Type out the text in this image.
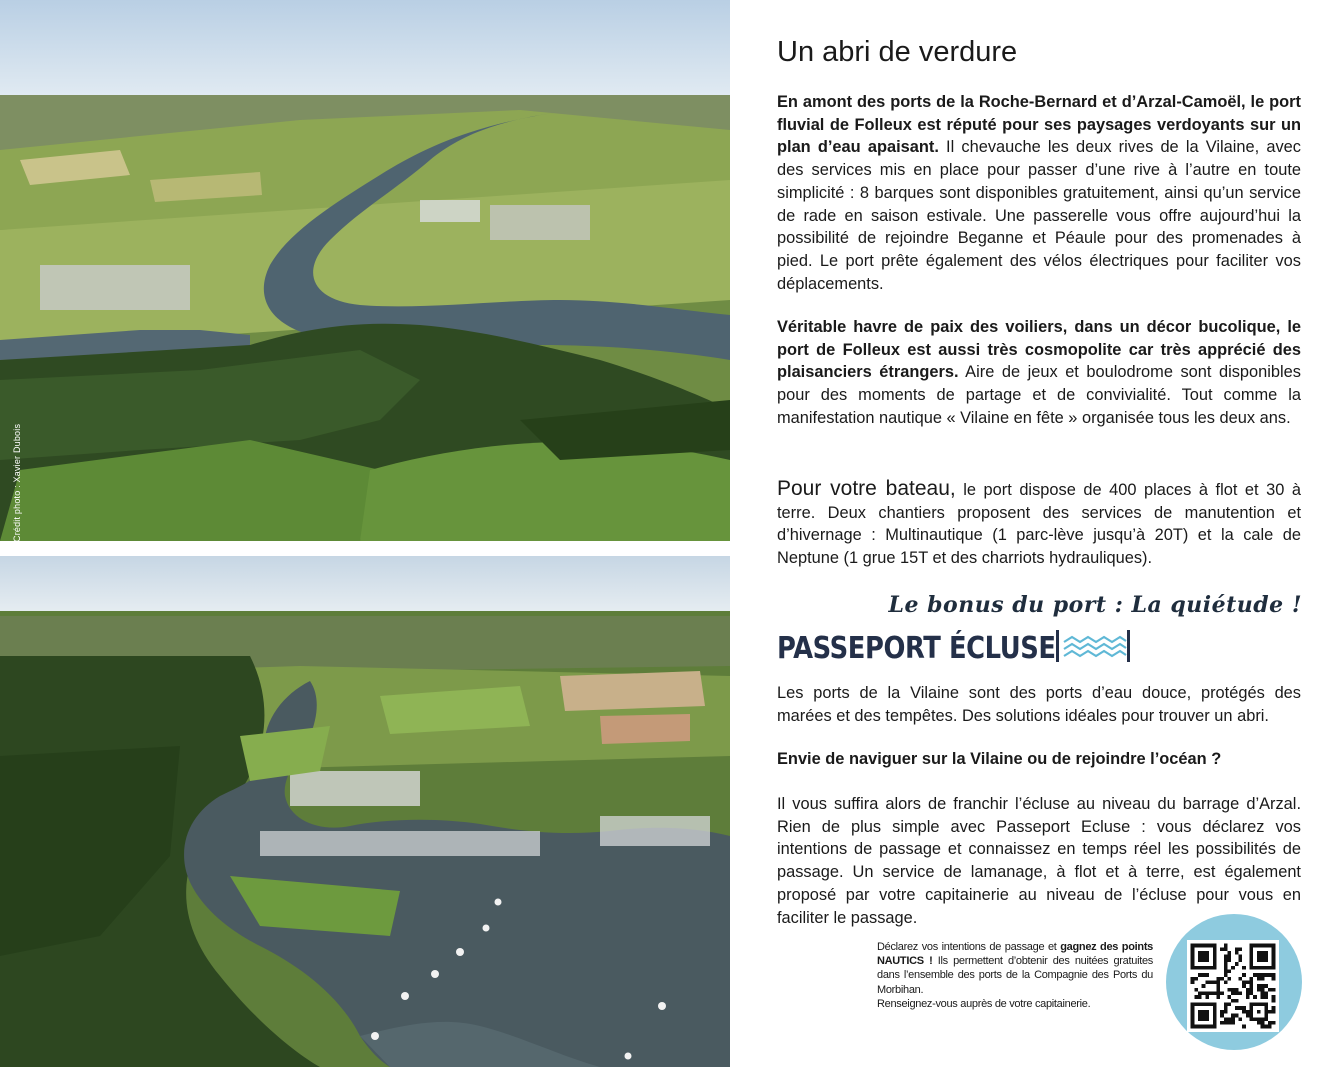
Crédit photo : Xavier Dubois
Un abri de verdure

En amont des ports de la Roche-Bernard et d’Arzal-Camoël, le port fluvial de Folleux est réputé pour ses paysages verdoyants sur un plan d’eau apaisant. Il chevauche les deux rives de la Vilaine, avec des services mis en place pour passer d’une rive à l’autre en toute simplicité : 8 barques sont disponibles gratuitement, ainsi qu’un service de rade en saison estivale. Une passerelle vous offre aujourd’hui la possibilité de rejoindre Beganne et Péaule pour des promenades à pied. Le port prête également des vélos électriques pour faciliter vos déplacements.

Véritable havre de paix des voiliers, dans un décor bucolique, le port de Folleux est aussi très cosmopolite car très apprécié des plaisanciers étrangers. Aire de jeux et boulodrome sont disponibles pour des moments de partage et de convivialité. Tout comme la manifestation nautique « Vilaine en fête » organisée tous les deux ans.

Pour votre bateau, le port dispose de 400 places à flot et 30 à terre. Deux chantiers proposent des services de manutention et d’hivernage : Multinautique (1 parc-lève jusqu’à 20T) et la cale de Neptune (1 grue 15T et des charriots hydrauliques).

Le bonus du port : La quiétude !
PASSEPORT ÉCLUSE

Les ports de la Vilaine sont des ports d’eau douce, protégés des marées et des tempêtes. Des solutions idéales pour trouver un abri.

Envie de naviguer sur la Vilaine ou de rejoindre l’océan ?

Il vous suffira alors de franchir l’écluse au niveau du barrage d’Arzal. Rien de plus simple avec Passeport Ecluse : vous déclarez vos intentions de passage et connaissez en temps réel les possibilités de passage. Un service de lamanage, à flot et à terre, est également proposé par votre capitainerie au niveau de l’écluse pour vous en faciliter le passage.

Déclarez vos intentions de passage et gagnez des points NAUTICS ! Ils permettent d’obtenir des nuitées gratuites dans l’ensemble des ports de la Compagnie des Ports du Morbihan.
Renseignez-vous auprès de votre capitainerie.
